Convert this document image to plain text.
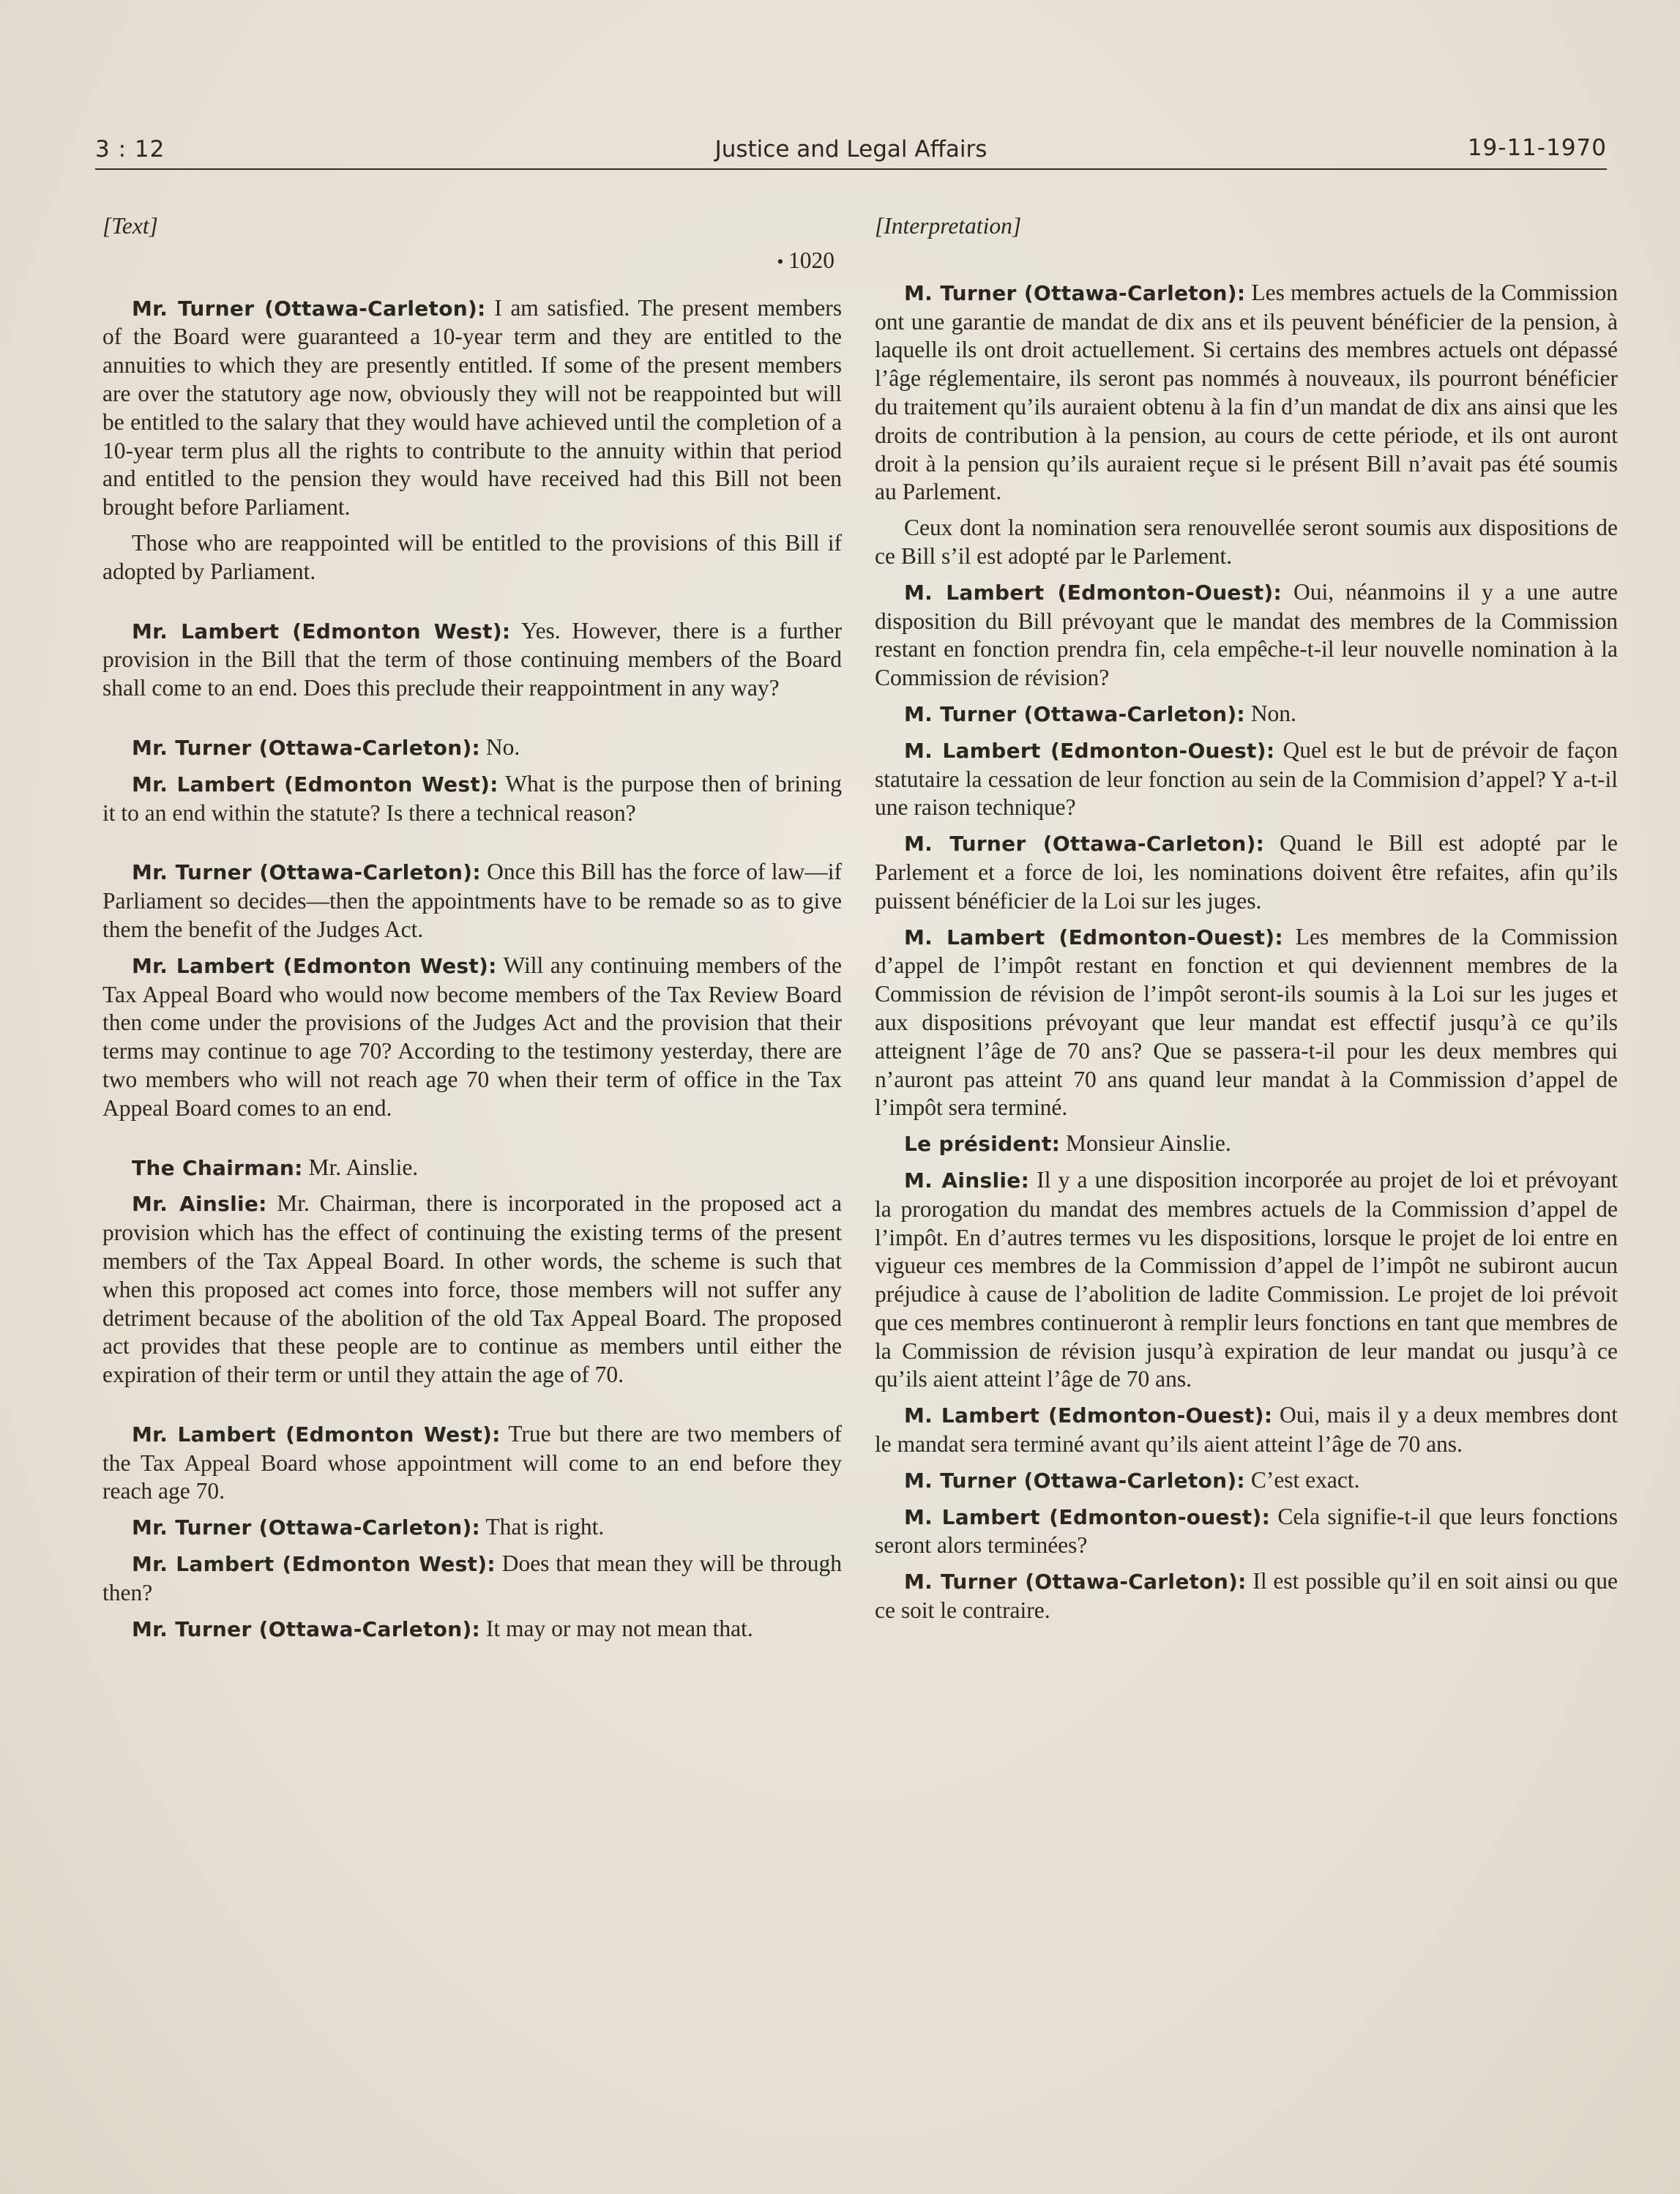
3 : 12	Justice and Legal Affairs	19-11-1970
[Text]
• 1020

Mr. Turner (Ottawa-Carleton): I am satisfied. The present members of the Board were guaranteed a 10-year term and they are entitled to the annuities to which they are presently entitled. If some of the present members are over the statutory age now, obviously they will not be reappointed but will be entitled to the salary that they would have achieved until the completion of a 10-year term plus all the rights to contribute to the annuity within that period and entitled to the pension they would have received had this Bill not been brought before Parliament.

Those who are reappointed will be entitled to the provisions of this Bill if adopted by Parliament.

Mr. Lambert (Edmonton West): Yes. However, there is a further provision in the Bill that the term of those continuing members of the Board shall come to an end. Does this preclude their reappointment in any way?

Mr. Turner (Ottawa-Carleton): No.

Mr. Lambert (Edmonton West): What is the purpose then of brining it to an end within the statute? Is there a technical reason?

Mr. Turner (Ottawa-Carleton): Once this Bill has the force of law—if Parliament so decides—then the appointments have to be remade so as to give them the benefit of the Judges Act.

Mr. Lambert (Edmonton West): Will any continuing members of the Tax Appeal Board who would now become members of the Tax Review Board then come under the provisions of the Judges Act and the provision that their terms may continue to age 70? According to the testimony yesterday, there are two members who will not reach age 70 when their term of office in the Tax Appeal Board comes to an end.

The Chairman: Mr. Ainslie.

Mr. Ainslie: Mr. Chairman, there is incorporated in the proposed act a provision which has the effect of continuing the existing terms of the present members of the Tax Appeal Board. In other words, the scheme is such that when this proposed act comes into force, those members will not suffer any detriment because of the abolition of the old Tax Appeal Board. The proposed act provides that these people are to continue as members until either the expiration of their term or until they attain the age of 70.

Mr. Lambert (Edmonton West): True but there are two members of the Tax Appeal Board whose appointment will come to an end before they reach age 70.

Mr. Turner (Ottawa-Carleton): That is right.

Mr. Lambert (Edmonton West): Does that mean they will be through then?

Mr. Turner (Ottawa-Carleton): It may or may not mean that.

[Interpretation]

M. Turner (Ottawa-Carleton): Les membres actuels de la Commission ont une garantie de mandat de dix ans et ils peuvent bénéficier de la pension, à laquelle ils ont droit actuellement. Si certains des membres actuels ont dépassé l’âge réglementaire, ils seront pas nommés à nouveaux, ils pourront bénéficier du traitement qu’ils auraient obtenu à la fin d’un mandat de dix ans ainsi que les droits de contribution à la pension, au cours de cette période, et ils ont auront droit à la pension qu’ils auraient reçue si le présent Bill n’avait pas été soumis au Parlement.

Ceux dont la nomination sera renouvellée seront soumis aux dispositions de ce Bill s’il est adopté par le Parlement.

M. Lambert (Edmonton-Ouest): Oui, néanmoins il y a une autre disposition du Bill prévoyant que le mandat des membres de la Commission restant en fonction prendra fin, cela empêche-t-il leur nouvelle nomination à la Commission de révision?

M. Turner (Ottawa-Carleton): Non.

M. Lambert (Edmonton-Ouest): Quel est le but de prévoir de façon statutaire la cessation de leur fonction au sein de la Commision d’appel? Y a-t-il une raison technique?

M. Turner (Ottawa-Carleton): Quand le Bill est adopté par le Parlement et a force de loi, les nominations doivent être refaites, afin qu’ils puissent bénéficier de la Loi sur les juges.

M. Lambert (Edmonton-Ouest): Les membres de la Commission d’appel de l’impôt restant en fonction et qui deviennent membres de la Commission de révision de l’impôt seront-ils soumis à la Loi sur les juges et aux dispositions prévoyant que leur mandat est effectif jusqu’à ce qu’ils atteignent l’âge de 70 ans? Que se passera-t-il pour les deux membres qui n’auront pas atteint 70 ans quand leur mandat à la Commission d’appel de l’impôt sera terminé.

Le président: Monsieur Ainslie.

M. Ainslie: Il y a une disposition incorporée au projet de loi et prévoyant la prorogation du mandat des membres actuels de la Commission d’appel de l’impôt. En d’autres termes vu les dispositions, lorsque le projet de loi entre en vigueur ces membres de la Commission d’appel de l’impôt ne subiront aucun préjudice à cause de l’abolition de ladite Commission. Le projet de loi prévoit que ces membres continueront à remplir leurs fonctions en tant que membres de la Commission de révision jusqu’à expiration de leur mandat ou jusqu’à ce qu’ils aient atteint l’âge de 70 ans.

M. Lambert (Edmonton-Ouest): Oui, mais il y a deux membres dont le mandat sera terminé avant qu’ils aient atteint l’âge de 70 ans.

M. Turner (Ottawa-Carleton): C’est exact.

M. Lambert (Edmonton-ouest): Cela signifie-t-il que leurs fonctions seront alors terminées?

M. Turner (Ottawa-Carleton): Il est possible qu’il en soit ainsi ou que ce soit le contraire.
